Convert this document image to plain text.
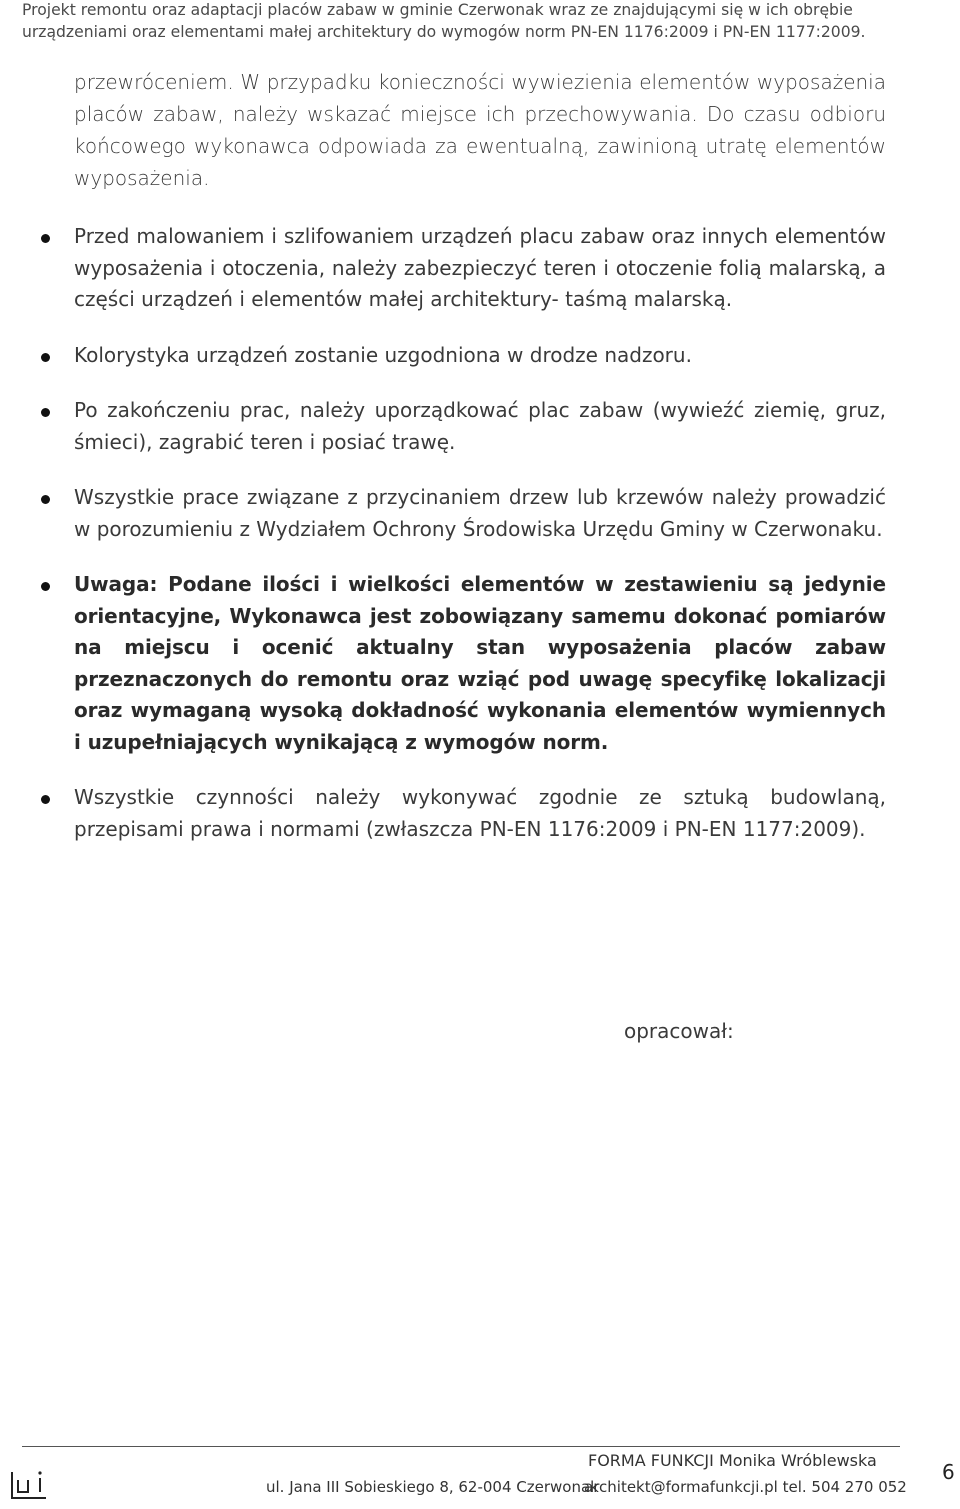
Projekt remontu oraz adaptacji placów zabaw w gminie Czerwonak wraz ze znajdującymi się w ich obrębie
urządzeniami oraz elementami małej architektury do wymogów norm PN-EN 1176:2009 i PN-EN 1177:2009.
przewróceniem. W przypadku konieczności wywiezienia elementów wyposażenia placów zabaw, należy wskazać miejsce ich przechowywania. Do czasu odbioru końcowego wykonawca odpowiada za ewentualną, zawinioną utratę elementów wyposażenia.
Przed malowaniem i szlifowaniem urządzeń placu zabaw oraz innych elementów wyposażenia i otoczenia, należy zabezpieczyć teren i otoczenie folią malarską, a części urządzeń i elementów małej architektury- taśmą malarską.
Kolorystyka urządzeń zostanie uzgodniona w drodze nadzoru.
Po zakończeniu prac, należy uporządkować plac zabaw (wywieźć ziemię, gruz, śmieci), zagrabić teren i posiać trawę.
Wszystkie prace związane z przycinaniem drzew lub krzewów należy prowadzić w porozumieniu z Wydziałem Ochrony Środowiska Urzędu Gminy w Czerwonaku.
Uwaga: Podane ilości i wielkości elementów w zestawieniu są jedynie orientacyjne, Wykonawca jest zobowiązany samemu dokonać pomiarów na miejscu i ocenić aktualny stan wyposażenia placów zabaw przeznaczonych do remontu oraz wziąć pod uwagę specyfikę lokalizacji oraz wymaganą wysoką dokładność wykonania elementów wymiennych i uzupełniających wynikającą z wymogów norm.
Wszystkie czynności należy wykonywać zgodnie ze sztuką budowlaną, przepisami prawa i normami (zwłaszcza PN-EN 1176:2009 i PN-EN 1177:2009).
opracował:
FORMA FUNKCJI Monika Wróblewska
ul. Jana III Sobieskiego 8, 62-004 Czerwonak
architekt@formafunkcji.pl tel. 504 270 052
6
